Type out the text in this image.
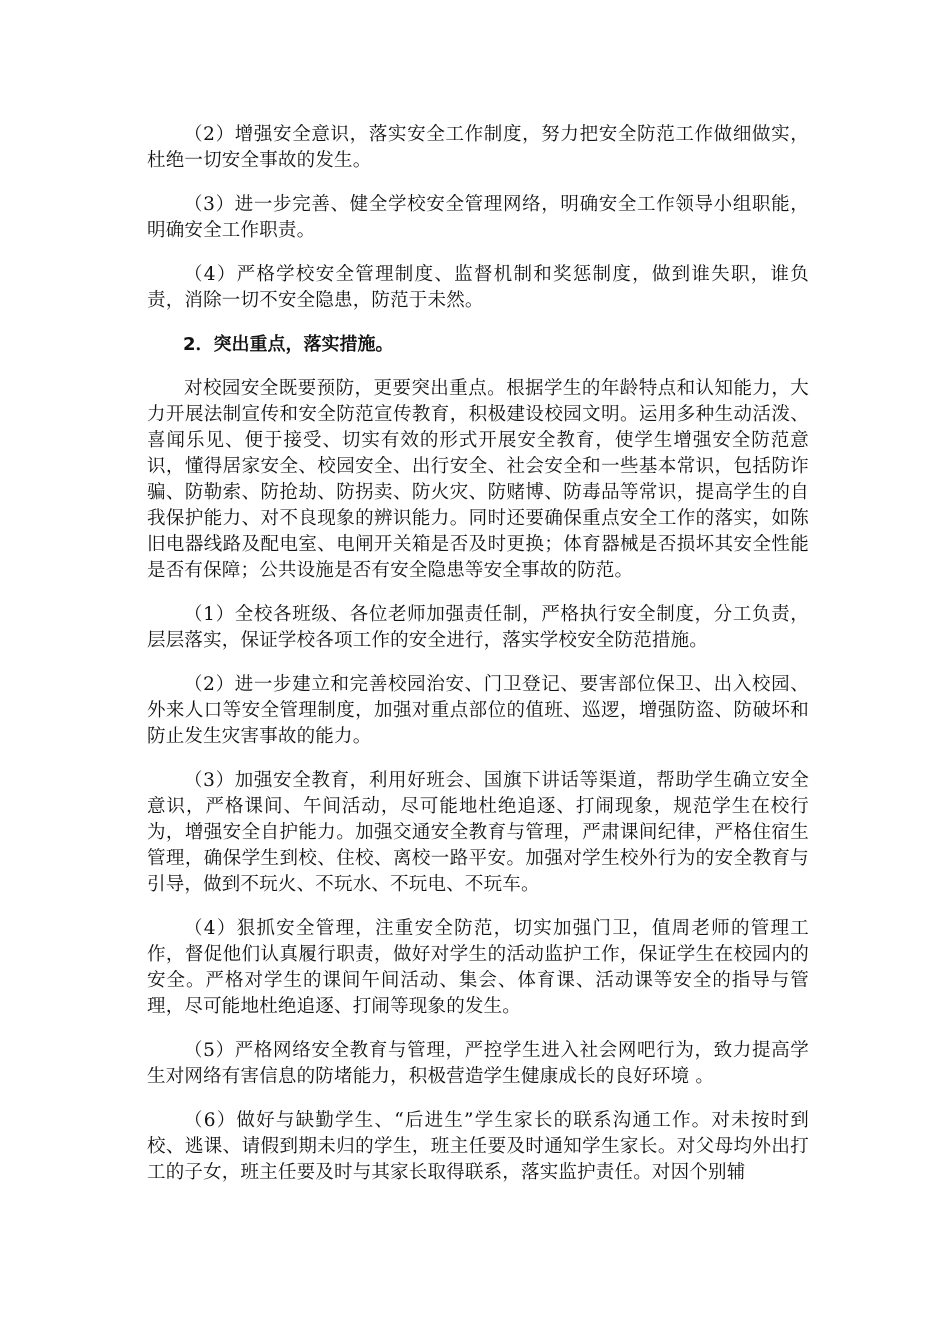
（2）增强安全意识，落实安全工作制度，努力把安全防范工作做细做实，杜绝一切安全事故的发生。

（3）进一步完善、健全学校安全管理网络，明确安全工作领导小组职能，明确安全工作职责。

（4）严格学校安全管理制度、监督机制和奖惩制度，做到谁失职，谁负责，消除一切不安全隐患，防范于未然。

2．突出重点，落实措施。

对校园安全既要预防，更要突出重点。根据学生的年龄特点和认知能力，大力开展法制宣传和安全防范宣传教育，积极建设校园文明。运用多种生动活泼、喜闻乐见、便于接受、切实有效的形式开展安全教育，使学生增强安全防范意识，懂得居家安全、校园安全、出行安全、社会安全和一些基本常识，包括防诈骗、防勒索、防抢劫、防拐卖、防火灾、防赌博、防毒品等常识，提高学生的自我保护能力、对不良现象的辨识能力。同时还要确保重点安全工作的落实，如陈旧电器线路及配电室、电闸开关箱是否及时更换；体育器械是否损坏其安全性能是否有保障；公共设施是否有安全隐患等安全事故的防范。

（1）全校各班级、各位老师加强责任制，严格执行安全制度，分工负责，层层落实，保证学校各项工作的安全进行，落实学校安全防范措施。

（2）进一步建立和完善校园治安、门卫登记、要害部位保卫、出入校园、外来人口等安全管理制度，加强对重点部位的值班、巡逻，增强防盗、防破坏和防止发生灾害事故的能力。

（3）加强安全教育，利用好班会、国旗下讲话等渠道，帮助学生确立安全意识，严格课间、午间活动，尽可能地杜绝追逐、打闹现象，规范学生在校行为，增强安全自护能力。加强交通安全教育与管理，严肃课间纪律，严格住宿生管理，确保学生到校、住校、离校一路平安。加强对学生校外行为的安全教育与引导，做到不玩火、不玩水、不玩电、不玩车。

（4）狠抓安全管理，注重安全防范，切实加强门卫，值周老师的管理工作，督促他们认真履行职责，做好对学生的活动监护工作，保证学生在校园内的安全。严格对学生的课间午间活动、集会、体育课、活动课等安全的指导与管理，尽可能地杜绝追逐、打闹等现象的发生。

（5）严格网络安全教育与管理，严控学生进入社会网吧行为，致力提高学生对网络有害信息的防堵能力，积极营造学生健康成长的良好环境 。

（6）做好与缺勤学生、“后进生”学生家长的联系沟通工作。对未按时到校、逃课、请假到期未归的学生，班主任要及时通知学生家长。对父母均外出打工的子女，班主任要及时与其家长取得联系，落实监护责任。对因个别辅
